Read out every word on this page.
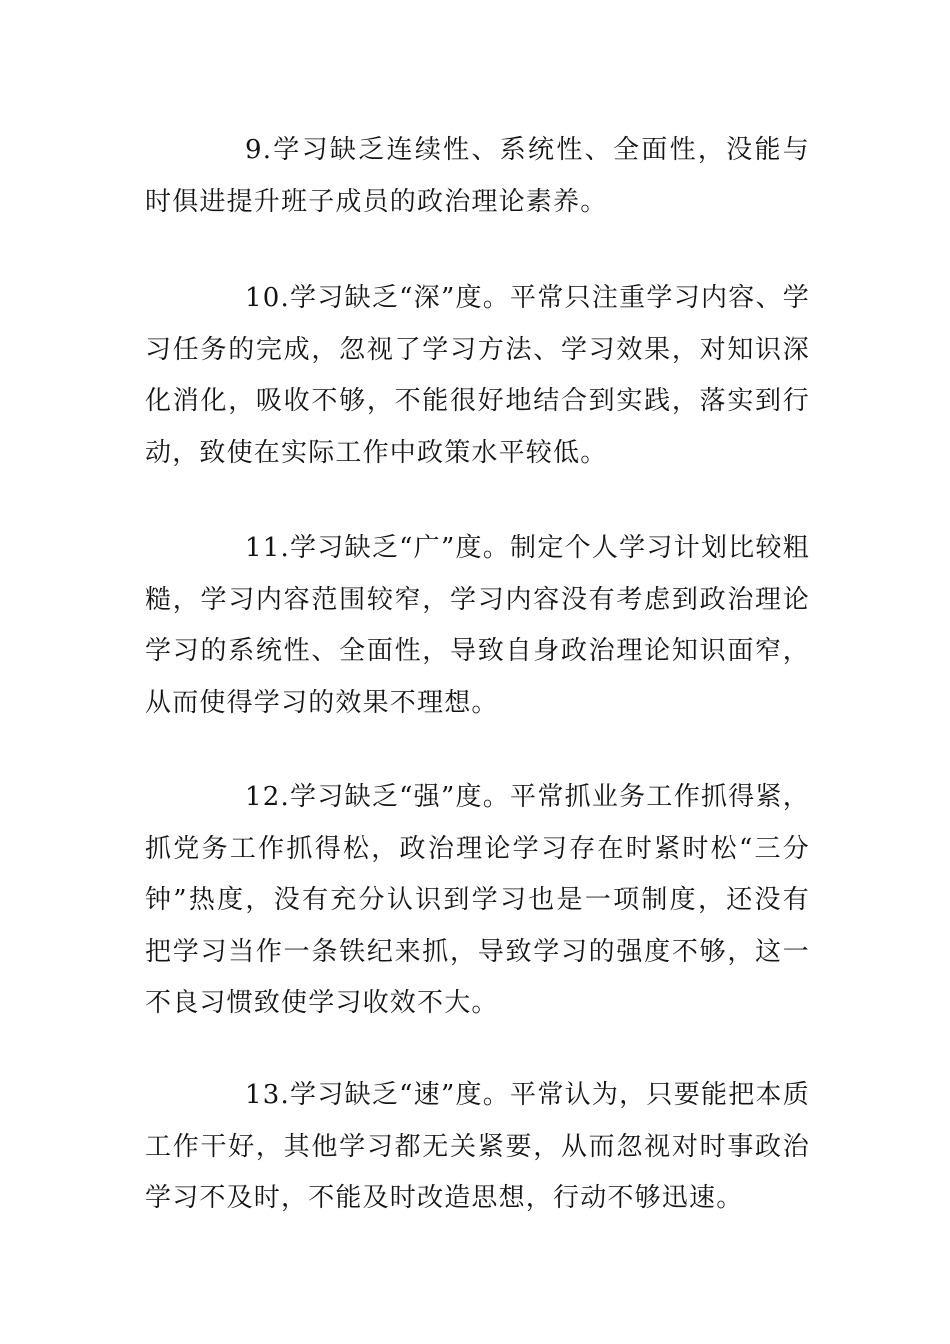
9.学习缺乏连续性、系统性、全面性，没能与时俱进提升班子成员的政治理论素养。

10.学习缺乏“深”度。平常只注重学习内容、学习任务的完成，忽视了学习方法、学习效果，对知识深化消化，吸收不够，不能很好地结合到实践，落实到行动，致使在实际工作中政策水平较低。

11.学习缺乏“广”度。制定个人学习计划比较粗糙，学习内容范围较窄，学习内容没有考虑到政治理论学习的系统性、全面性，导致自身政治理论知识面窄，从而使得学习的效果不理想。

12.学习缺乏“强”度。平常抓业务工作抓得紧，抓党务工作抓得松，政治理论学习存在时紧时松“三分钟”热度，没有充分认识到学习也是一项制度，还没有把学习当作一条铁纪来抓，导致学习的强度不够，这一不良习惯致使学习收效不大。

13.学习缺乏“速”度。平常认为，只要能把本质工作干好，其他学习都无关紧要，从而忽视对时事政治学习不及时，不能及时改造思想，行动不够迅速。
